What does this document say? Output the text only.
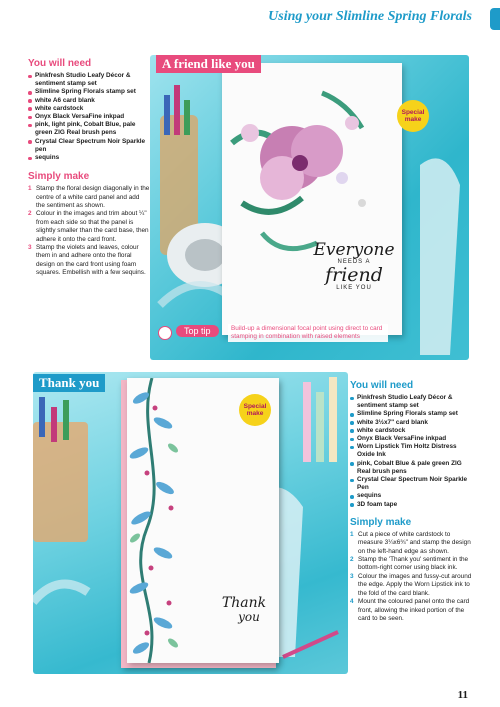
Using your Slimline Spring Florals
You will need
Pinkfresh Studio Leafy Décor & sentiment stamp set
Slimline Spring Florals stamp set
white A6 card blank
white cardstock
Onyx Black VersaFine inkpad
pink, light pink, Cobalt Blue, pale green ZIG Real brush pens
Crystal Clear Spectrum Noir Sparkle pen
sequins
Simply make
1 Stamp the floral design diagonally in the centre of a white card panel and add the sentiment as shown.
2 Colour in the images and trim about ¼" from each side so that the panel is slightly smaller than the card base, then adhere it onto the card front.
3 Stamp the violets and leaves, colour them in and adhere onto the floral design on the card front using foam squares. Embellish with a few sequins.
Everyone
NEEDS A
friend
LIKE YOU
A friend like you
Special make
Top tip	Build-up a dimensional focal point using direct to card stamping in combination with raised elements
Thank
you
Thank you
Special make
You will need
Pinkfresh Studio Leafy Décor & sentiment stamp set
Slimline Spring Florals stamp set
white 3½x7" card blank
white cardstock
Onyx Black VersaFine inkpad
Worn Lipstick Tim Holtz Distress Oxide Ink
pink, Cobalt Blue & pale green ZIG Real brush pens
Crystal Clear Spectrum Noir Sparkle Pen
sequins
3D foam tape
Simply make
1 Cut a piece of white cardstock to measure 3¼x6¾" and stamp the design on the left-hand edge as shown.
2 Stamp the 'Thank you' sentiment in the bottom-right corner using black ink.
3 Colour the images and fussy-cut around the edge. Apply the Worn Lipstick ink to the fold of the card blank.
4 Mount the coloured panel onto the card front, allowing the inked portion of the card to be seen.
11
